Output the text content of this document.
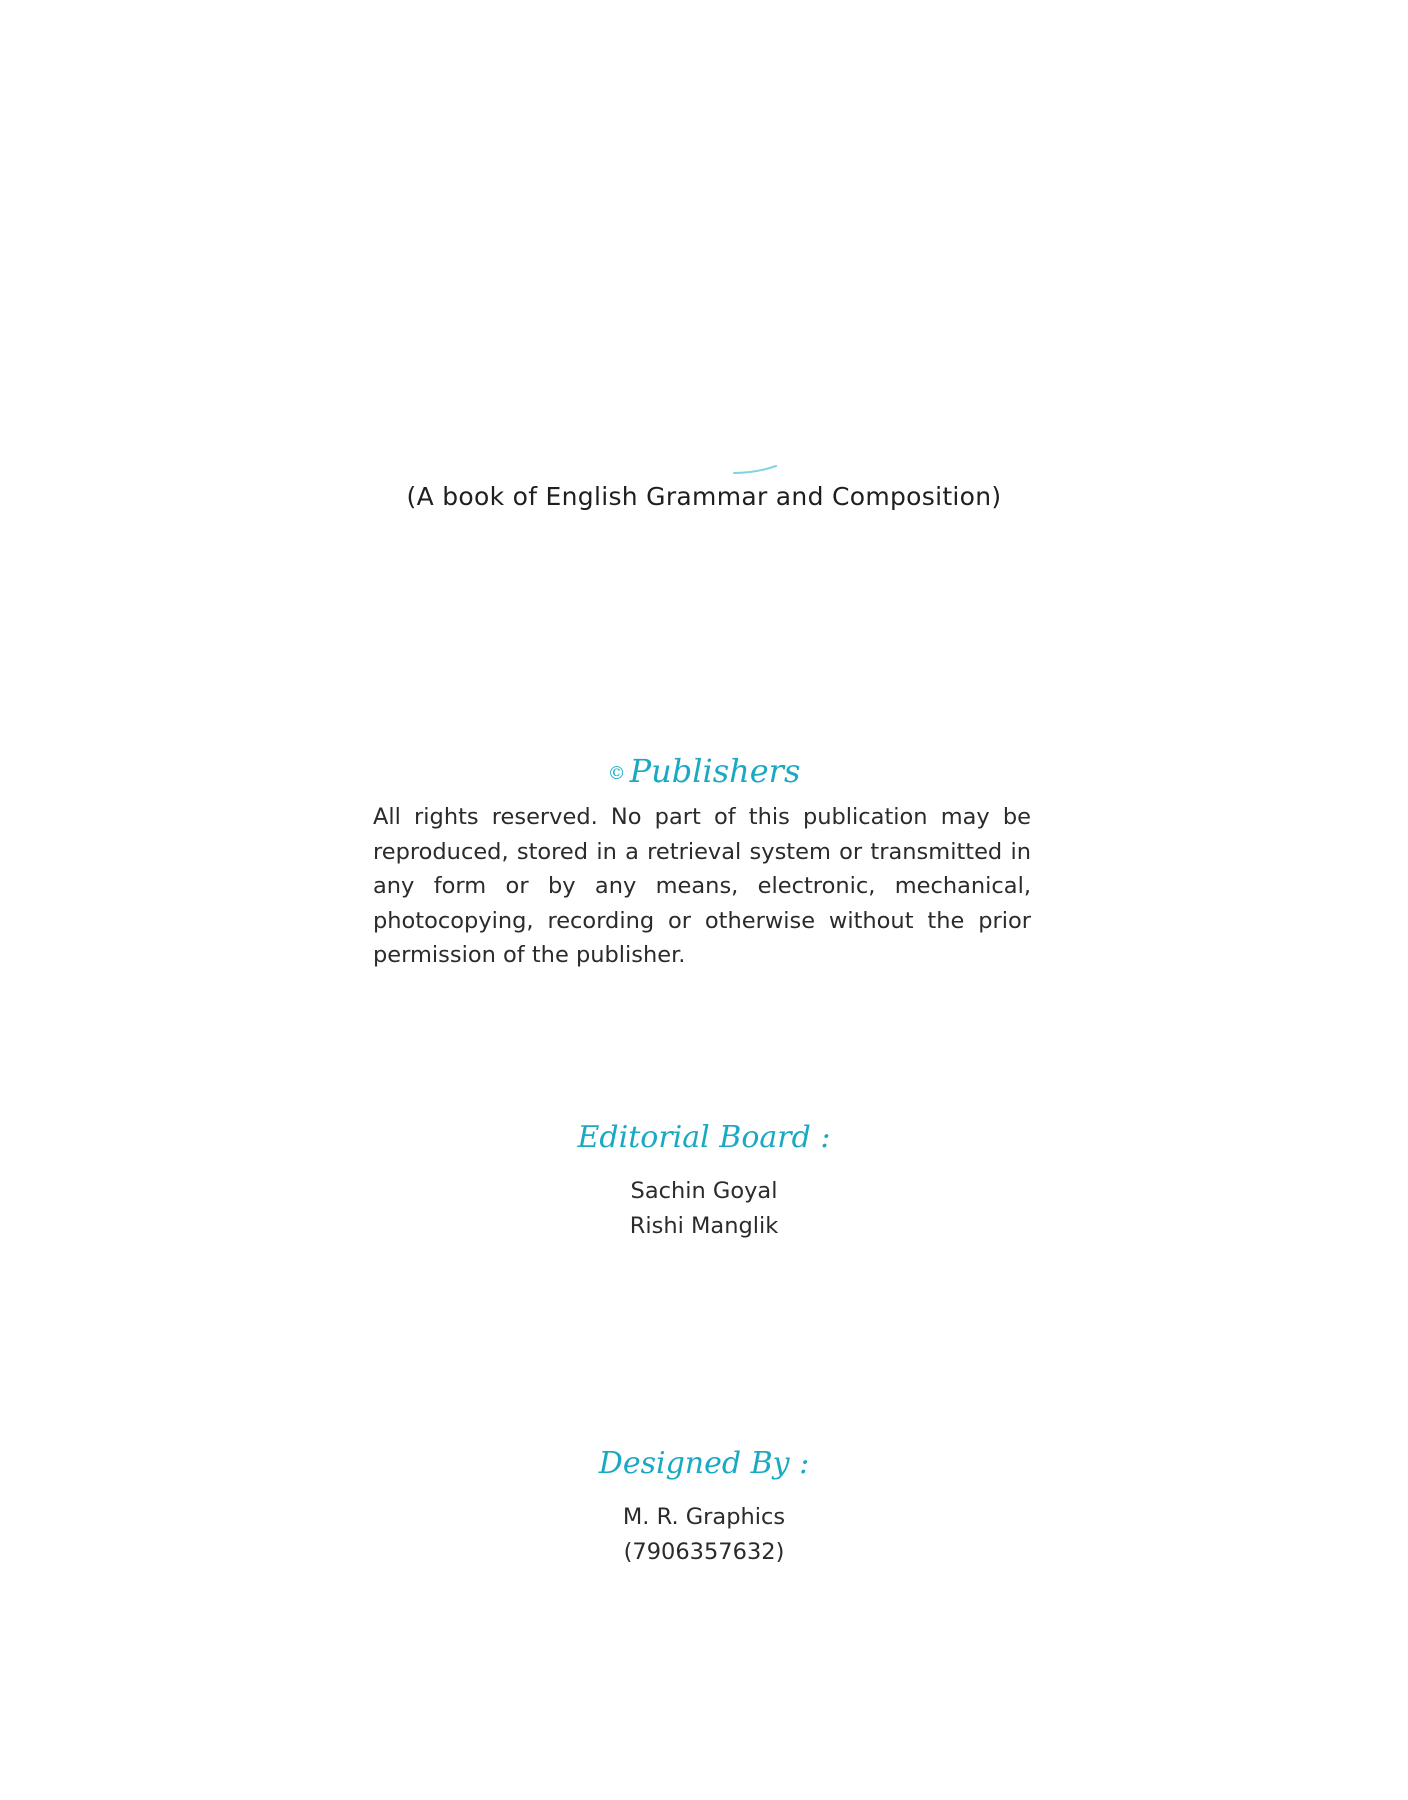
(A book of English Grammar and Composition)
© Publishers
All rights reserved. No part of this publication may be reproduced, stored in a retrieval system or transmitted in any form or by any means, electronic, mechanical, photocopying, recording or otherwise without the prior permission of the publisher.
Editorial Board :
Sachin Goyal
Rishi Manglik
Designed By :
M. R. Graphics
(7906357632)
